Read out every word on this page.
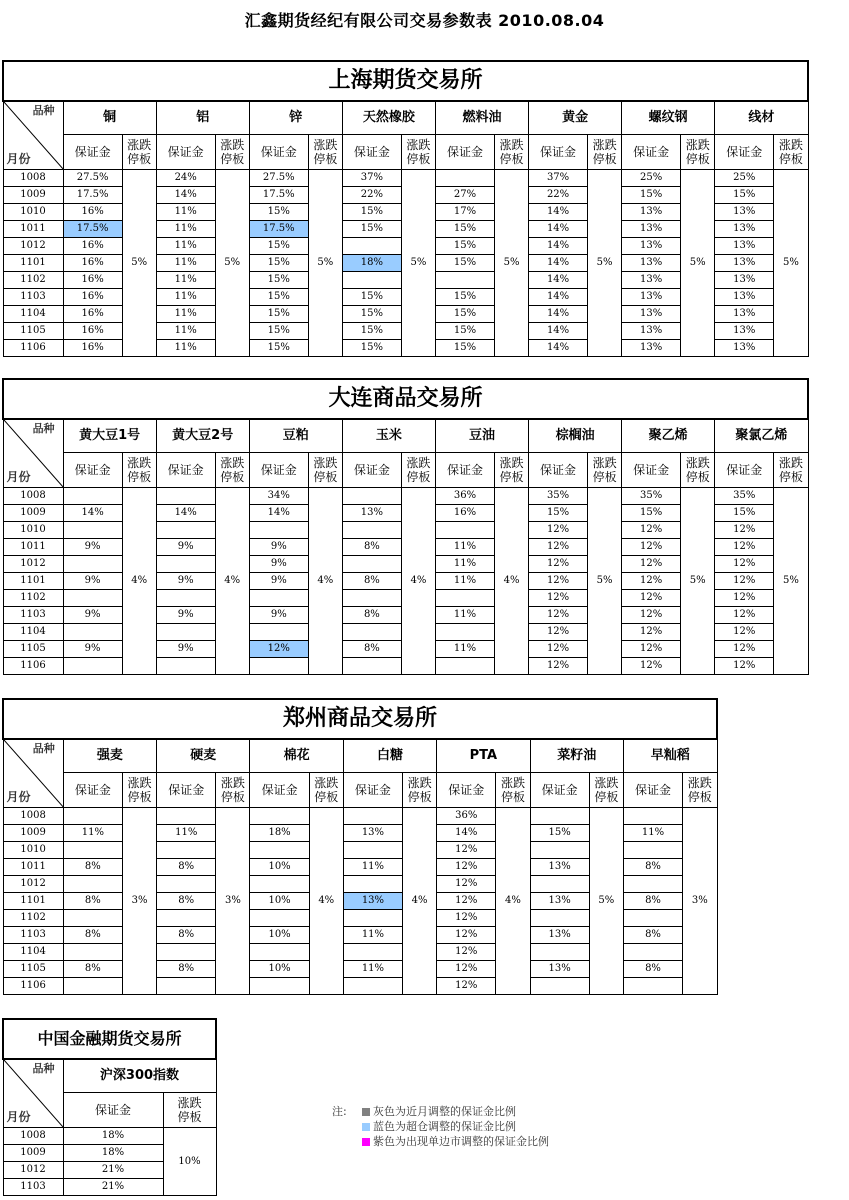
汇鑫期货经纪有限公司交易参数表 2010.08.04
上海期货交易所																

品种
月份	铜		铝		锌		天然橡胶		燃料油		黄金		螺纹钢		线材	
	保证金	涨跌停板	保证金	涨跌停板	保证金	涨跌停板	保证金	涨跌停板	保证金	涨跌停板	保证金	涨跌停板	保证金	涨跌停板	保证金	涨跌停板
1008	27.5%	5%	24%	5%	27.5%	5%	37%	5%		5%	37%	5%	25%	5%	25%	5%
1009	17.5%		14%		17.5%		22%		27%		22%		15%		15%	
1010	16%		11%		15%		15%		17%		14%		13%		13%	
1011	17.5%		11%		17.5%		15%		15%		14%		13%		13%	
1012	16%		11%		15%				15%		14%		13%		13%	
1101	16%		11%		15%		18%		15%		14%		13%		13%	
1102	16%		11%		15%						14%		13%		13%	
1103	16%		11%		15%		15%		15%		14%		13%		13%	
1104	16%		11%		15%		15%		15%		14%		13%		13%	
1105	16%		11%		15%		15%		15%		14%		13%		13%	
1106	16%		11%		15%		15%		15%		14%		13%		13%	
大连商品交易所																

品种
月份	黄大豆1号		黄大豆2号		豆粕		玉米		豆油		棕榈油		聚乙烯		聚氯乙烯	
	保证金	涨跌停板	保证金	涨跌停板	保证金	涨跌停板	保证金	涨跌停板	保证金	涨跌停板	保证金	涨跌停板	保证金	涨跌停板	保证金	涨跌停板
1008		4%		4%	34%	4%		4%	36%	4%	35%	5%	35%	5%	35%	5%
1009	14%		14%		14%		13%		16%		15%		15%		15%	
1010											12%		12%		12%	
1011	9%		9%		9%		8%		11%		12%		12%		12%	
1012					9%				11%		12%		12%		12%	
1101	9%		9%		9%		8%		11%		12%		12%		12%	
1102											12%		12%		12%	
1103	9%		9%		9%		8%		11%		12%		12%		12%	
1104											12%		12%		12%	
1105	9%		9%		12%		8%		11%		12%		12%		12%	
1106											12%		12%		12%	
郑州商品交易所														

品种
月份	强麦		硬麦		棉花		白糖		PTA		菜籽油		早籼稻	
	保证金	涨跌停板	保证金	涨跌停板	保证金	涨跌停板	保证金	涨跌停板	保证金	涨跌停板	保证金	涨跌停板	保证金	涨跌停板
1008		3%		3%		4%		4%	36%	4%		5%		3%
1009	11%		11%		18%		13%		14%		15%		11%	
1010									12%					
1011	8%		8%		10%		11%		12%		13%		8%	
1012									12%					
1101	8%		8%		10%		13%		12%		13%		8%	
1102									12%					
1103	8%		8%		10%		11%		12%		13%		8%	
1104									12%					
1105	8%		8%		10%		11%		12%		13%		8%	
1106									12%					
中国金融期货交易所		

品种
月份	沪深300指数	
	保证金	涨跌停板
1008	18%	10%
1009	18%	
1012	21%	
1103	21%	
注:	灰色为近月调整的保证金比例
蓝色为超仓调整的保证金比例
紫色为出现单边市调整的保证金比例
